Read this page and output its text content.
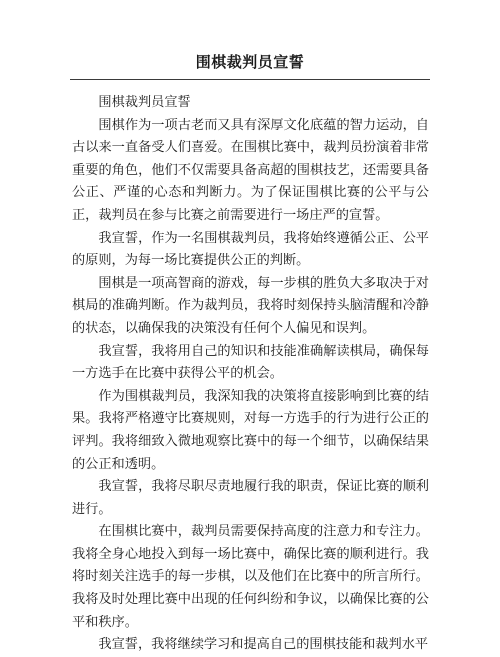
围棋裁判员宣誓

围棋裁判员宣誓

围棋作为一项古老而又具有深厚文化底蕴的智力运动，自古以来一直备受人们喜爱。在围棋比赛中，裁判员扮演着非常重要的角色，他们不仅需要具备高超的围棋技艺，还需要具备公正、严谨的心态和判断力。为了保证围棋比赛的公平与公正，裁判员在参与比赛之前需要进行一场庄严的宣誓。

我宣誓，作为一名围棋裁判员，我将始终遵循公正、公平的原则，为每一场比赛提供公正的判断。

围棋是一项高智商的游戏，每一步棋的胜负大多取决于对棋局的准确判断。作为裁判员，我将时刻保持头脑清醒和冷静的状态，以确保我的决策没有任何个人偏见和误判。

我宣誓，我将用自己的知识和技能准确解读棋局，确保每一方选手在比赛中获得公平的机会。

作为围棋裁判员，我深知我的决策将直接影响到比赛的结果。我将严格遵守比赛规则，对每一方选手的行为进行公正的评判。我将细致入微地观察比赛中的每一个细节，以确保结果的公正和透明。

我宣誓，我将尽职尽责地履行我的职责，保证比赛的顺利进行。

在围棋比赛中，裁判员需要保持高度的注意力和专注力。我将全身心地投入到每一场比赛中，确保比赛的顺利进行。我将时刻关注选手的每一步棋，以及他们在比赛中的所言所行。我将及时处理比赛中出现的任何纠纷和争议，以确保比赛的公平和秩序。

我宣誓，我将继续学习和提高自己的围棋技能和裁判水平
